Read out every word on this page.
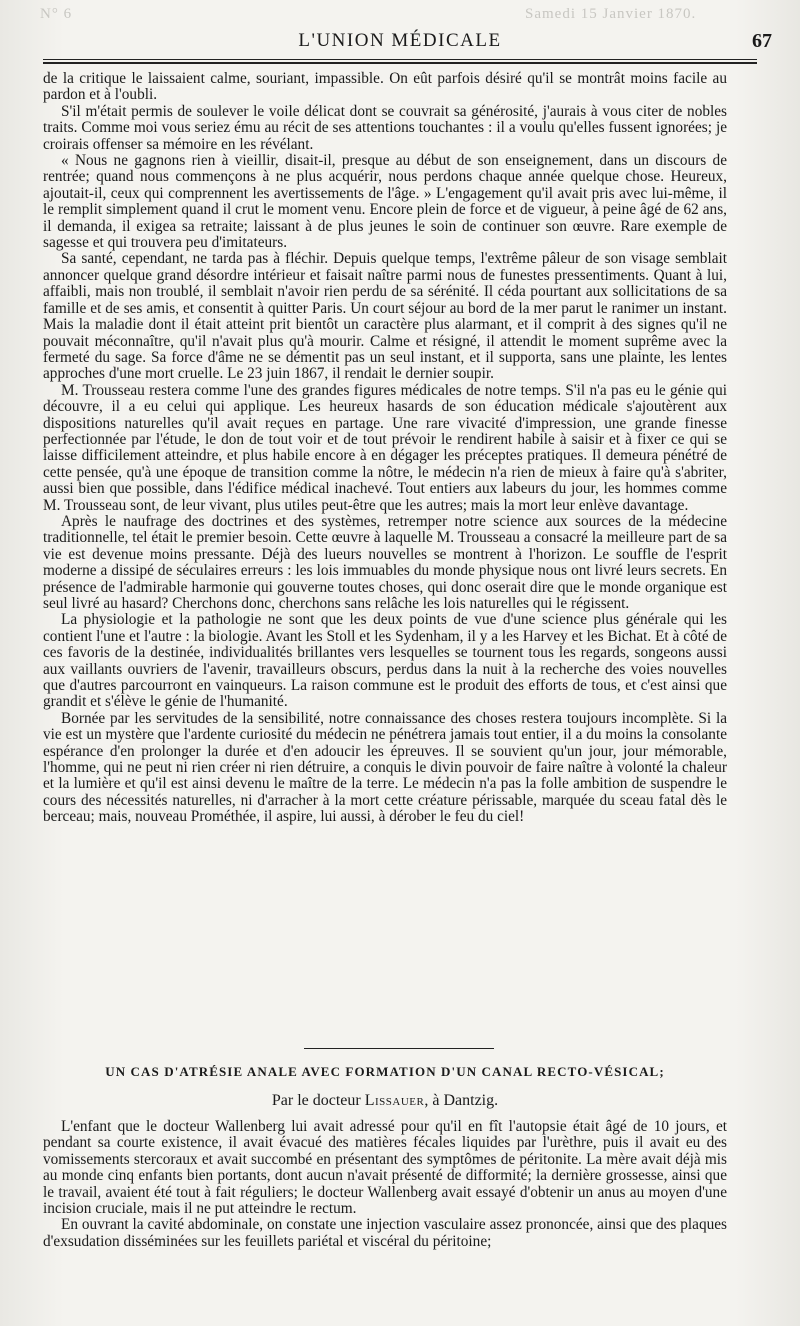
N° 6	Samedi 15 Janvier 1870.
L'UNION MÉDICALE	67

de la critique le laissaient calme, souriant, impassible. On eût parfois désiré qu'il se montrât moins facile au pardon et à l'oubli.

S'il m'était permis de soulever le voile délicat dont se couvrait sa générosité, j'aurais à vous citer de nobles traits. Comme moi vous seriez ému au récit de ses attentions touchantes : il a voulu qu'elles fussent ignorées; je croirais offenser sa mémoire en les révélant.

« Nous ne gagnons rien à vieillir, disait-il, presque au début de son enseignement, dans un discours de rentrée; quand nous commençons à ne plus acquérir, nous perdons chaque année quelque chose. Heureux, ajoutait-il, ceux qui comprennent les avertissements de l'âge. » L'engagement qu'il avait pris avec lui-même, il le remplit simplement quand il crut le moment venu. Encore plein de force et de vigueur, à peine âgé de 62 ans, il demanda, il exigea sa retraite; laissant à de plus jeunes le soin de continuer son œuvre. Rare exemple de sagesse et qui trouvera peu d'imitateurs.

Sa santé, cependant, ne tarda pas à fléchir. Depuis quelque temps, l'extrême pâleur de son visage semblait annoncer quelque grand désordre intérieur et faisait naître parmi nous de funestes pressentiments. Quant à lui, affaibli, mais non troublé, il semblait n'avoir rien perdu de sa sérénité. Il céda pourtant aux sollicitations de sa famille et de ses amis, et consentit à quitter Paris. Un court séjour au bord de la mer parut le ranimer un instant. Mais la maladie dont il était atteint prit bientôt un caractère plus alarmant, et il comprit à des signes qu'il ne pouvait méconnaître, qu'il n'avait plus qu'à mourir. Calme et résigné, il attendit le moment suprême avec la fermeté du sage. Sa force d'âme ne se démentit pas un seul instant, et il supporta, sans une plainte, les lentes approches d'une mort cruelle. Le 23 juin 1867, il rendait le dernier soupir.

M. Trousseau restera comme l'une des grandes figures médicales de notre temps. S'il n'a pas eu le génie qui découvre, il a eu celui qui applique. Les heureux hasards de son éducation médicale s'ajoutèrent aux dispositions naturelles qu'il avait reçues en partage. Une rare vivacité d'impression, une grande finesse perfectionnée par l'étude, le don de tout voir et de tout prévoir le rendirent habile à saisir et à fixer ce qui se laisse difficilement atteindre, et plus habile encore à en dégager les préceptes pratiques. Il demeura pénétré de cette pensée, qu'à une époque de transition comme la nôtre, le médecin n'a rien de mieux à faire qu'à s'abriter, aussi bien que possible, dans l'édifice médical inachevé. Tout entiers aux labeurs du jour, les hommes comme M. Trousseau sont, de leur vivant, plus utiles peut-être que les autres; mais la mort leur enlève davantage.

Après le naufrage des doctrines et des systèmes, retremper notre science aux sources de la médecine traditionnelle, tel était le premier besoin. Cette œuvre à laquelle M. Trousseau a consacré la meilleure part de sa vie est devenue moins pressante. Déjà des lueurs nouvelles se montrent à l'horizon. Le souffle de l'esprit moderne a dissipé de séculaires erreurs : les lois immuables du monde physique nous ont livré leurs secrets. En présence de l'admirable harmonie qui gouverne toutes choses, qui donc oserait dire que le monde organique est seul livré au hasard? Cherchons donc, cherchons sans relâche les lois naturelles qui le régissent.

La physiologie et la pathologie ne sont que les deux points de vue d'une science plus générale qui les contient l'une et l'autre : la biologie. Avant les Stoll et les Sydenham, il y a les Harvey et les Bichat. Et à côté de ces favoris de la destinée, individualités brillantes vers lesquelles se tournent tous les regards, songeons aussi aux vaillants ouvriers de l'avenir, travailleurs obscurs, perdus dans la nuit à la recherche des voies nouvelles que d'autres parcourront en vainqueurs. La raison commune est le produit des efforts de tous, et c'est ainsi que grandit et s'élève le génie de l'humanité.

Bornée par les servitudes de la sensibilité, notre connaissance des choses restera toujours incomplète. Si la vie est un mystère que l'ardente curiosité du médecin ne pénétrera jamais tout entier, il a du moins la consolante espérance d'en prolonger la durée et d'en adoucir les épreuves. Il se souvient qu'un jour, jour mémorable, l'homme, qui ne peut ni rien créer ni rien détruire, a conquis le divin pouvoir de faire naître à volonté la chaleur et la lumière et qu'il est ainsi devenu le maître de la terre. Le médecin n'a pas la folle ambition de suspendre le cours des nécessités naturelles, ni d'arracher à la mort cette créature périssable, marquée du sceau fatal dès le berceau; mais, nouveau Prométhée, il aspire, lui aussi, à dérober le feu du ciel!

UN CAS D'ATRÉSIE ANALE AVEC FORMATION D'UN CANAL RECTO-VÉSICAL;
Par le docteur Lissauer, à Dantzig.

L'enfant que le docteur Wallenberg lui avait adressé pour qu'il en fît l'autopsie était âgé de 10 jours, et pendant sa courte existence, il avait évacué des matières fécales liquides par l'urèthre, puis il avait eu des vomissements stercoraux et avait succombé en présentant des symptômes de péritonite. La mère avait déjà mis au monde cinq enfants bien portants, dont aucun n'avait présenté de difformité; la dernière grossesse, ainsi que le travail, avaient été tout à fait réguliers; le docteur Wallenberg avait essayé d'obtenir un anus au moyen d'une incision cruciale, mais il ne put atteindre le rectum.

En ouvrant la cavité abdominale, on constate une injection vasculaire assez prononcée, ainsi que des plaques d'exsudation disséminées sur les feuillets pariétal et viscéral du péritoine;
